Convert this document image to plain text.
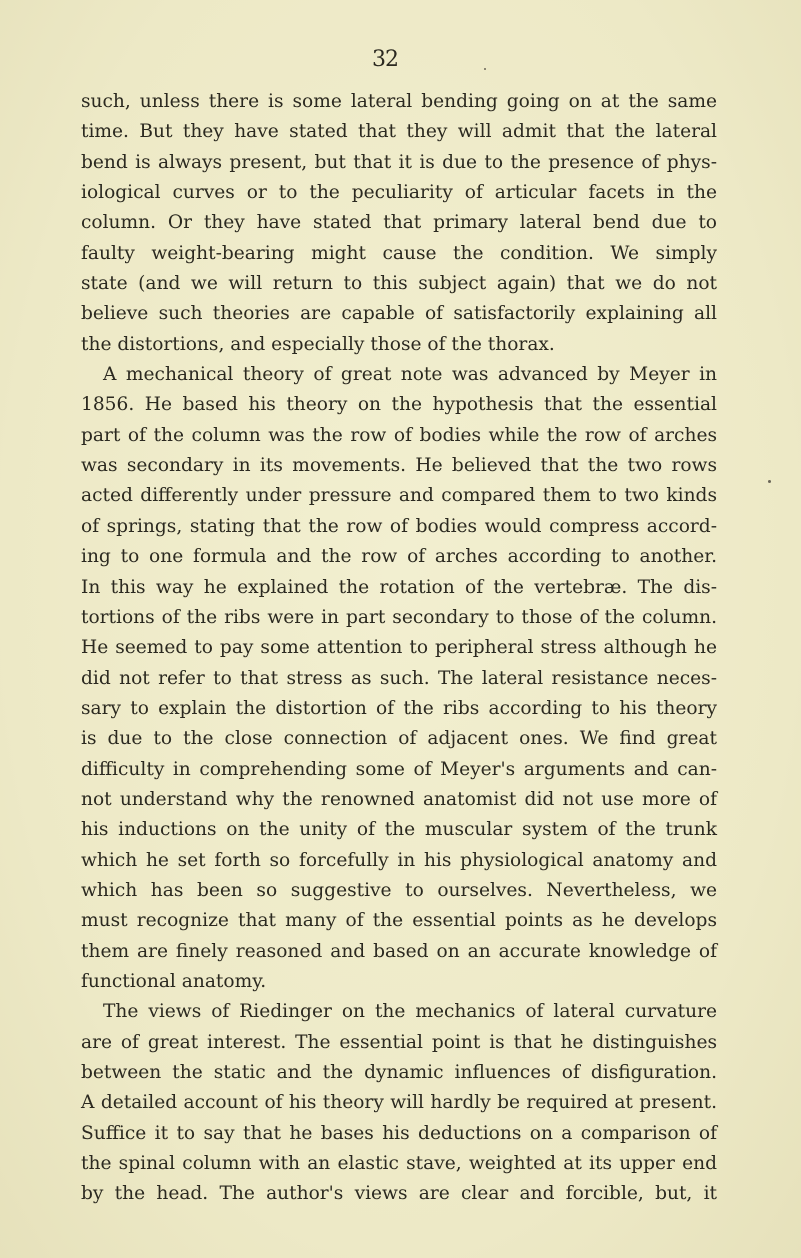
32
such, unless there is some lateral bending going on at the same
time. But they have stated that they will admit that the lateral
bend is always present, but that it is due to the presence of phys-
iological curves or to the peculiarity of articular facets in the
column. Or they have stated that primary lateral bend due to
faulty weight-bearing might cause the condition. We simply
state (and we will return to this subject again) that we do not
believe such theories are capable of satisfactorily explaining all
the distortions, and especially those of the thorax.
A mechanical theory of great note was advanced by Meyer in
1856. He based his theory on the hypothesis that the essential
part of the column was the row of bodies while the row of arches
was secondary in its movements. He believed that the two rows
acted differently under pressure and compared them to two kinds
of springs, stating that the row of bodies would compress accord-
ing to one formula and the row of arches according to another.
In this way he explained the rotation of the vertebræ. The dis-
tortions of the ribs were in part secondary to those of the column.
He seemed to pay some attention to peripheral stress although he
did not refer to that stress as such. The lateral resistance neces-
sary to explain the distortion of the ribs according to his theory
is due to the close connection of adjacent ones. We find great
difficulty in comprehending some of Meyer's arguments and can-
not understand why the renowned anatomist did not use more of
his inductions on the unity of the muscular system of the trunk
which he set forth so forcefully in his physiological anatomy and
which has been so suggestive to ourselves. Nevertheless, we
must recognize that many of the essential points as he develops
them are finely reasoned and based on an accurate knowledge of
functional anatomy.
The views of Riedinger on the mechanics of lateral curvature
are of great interest. The essential point is that he distinguishes
between the static and the dynamic influences of disfiguration.
A detailed account of his theory will hardly be required at present.
Suffice it to say that he bases his deductions on a comparison of
the spinal column with an elastic stave, weighted at its upper end
by the head. The author's views are clear and forcible, but, it
